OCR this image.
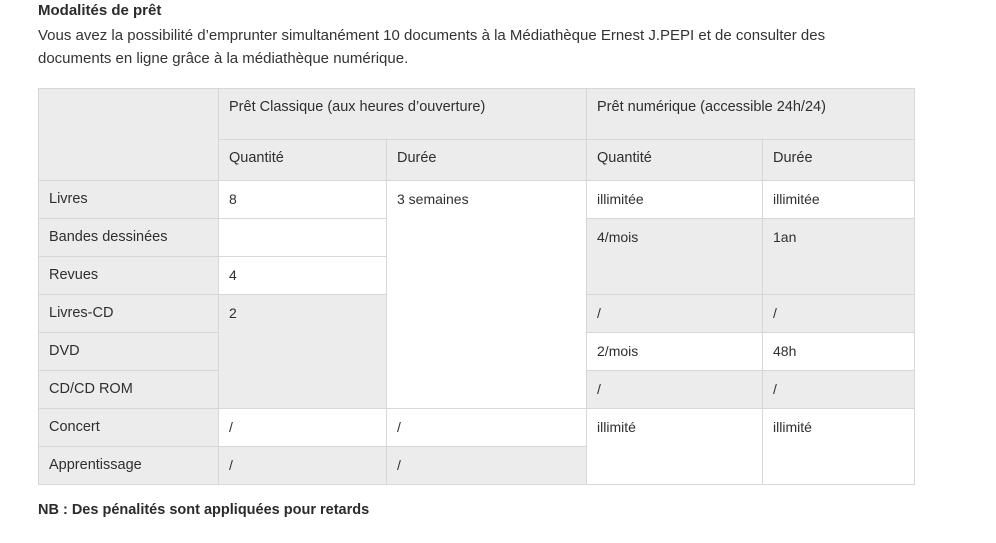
Modalités de prêt

Vous avez la possibilité d’emprunter simultanément 10 documents à la Médiathèque Ernest J.PEPI et de consulter des documents en ligne grâce à la médiathèque numérique.

	Prêt Classique (aux heures d’ouverture)		Prêt numérique (accessible 24h/24)	
	Quantité	Durée	Quantité	Durée
Livres	8	3 semaines	illimitée	illimitée
Bandes dessinées			4/mois	1an
Revues	4			
Livres-CD	2		/	/
DVD			2/mois	48h
CD/CD ROM			/	/
Concert	/	/	illimité	illimité
Apprentissage	/	/		
NB : Des pénalités sont appliquées pour retards
